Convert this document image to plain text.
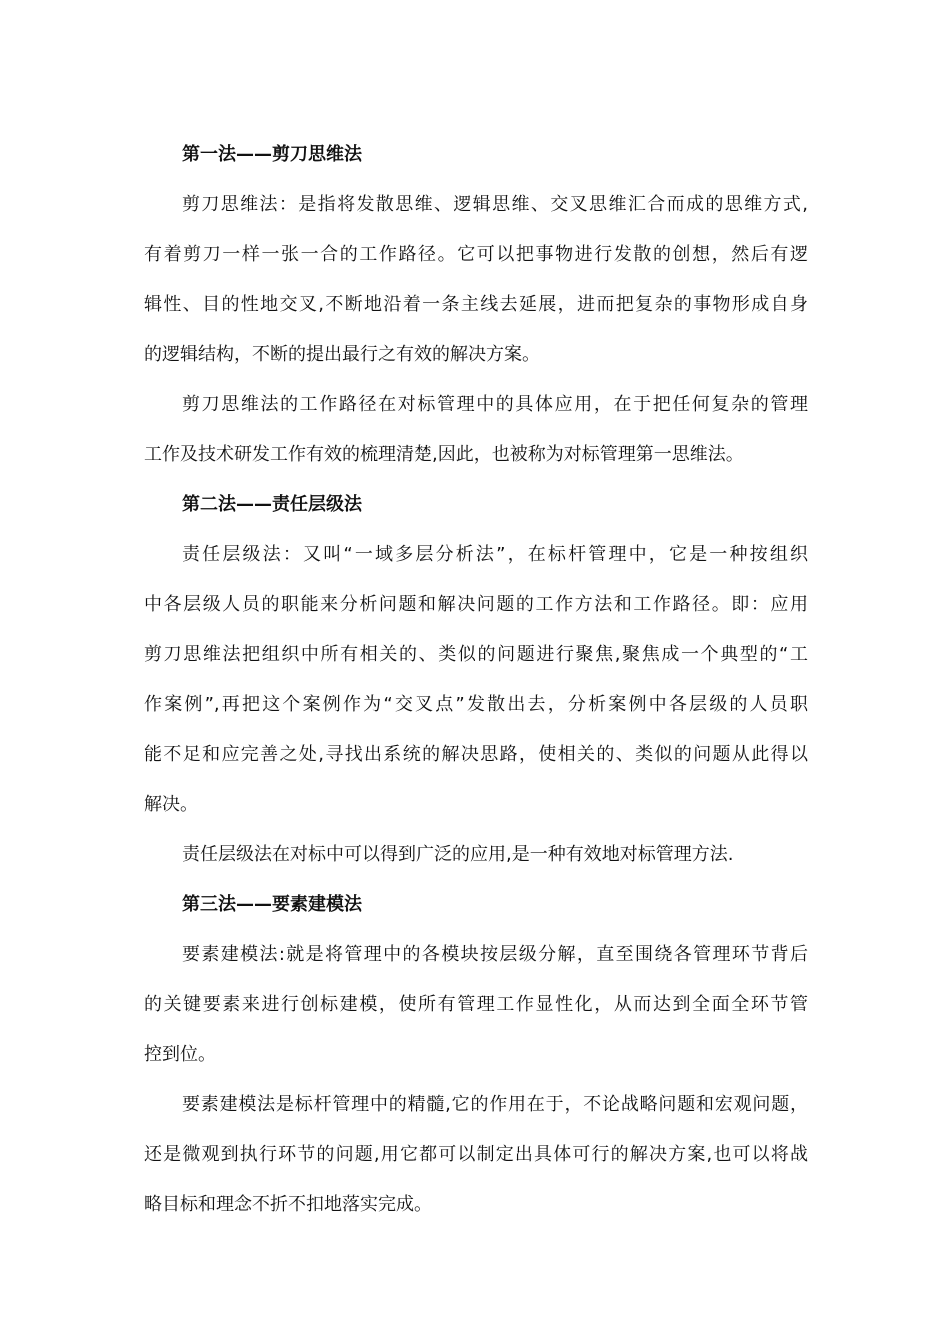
第一法——剪刀思维法
剪刀思维法：是指将发散思维、逻辑思维、交叉思维汇合而成的思维方式,
有着剪刀一样一张一合的工作路径。它可以把事物进行发散的创想，然后有逻
辑性、目的性地交叉,不断地沿着一条主线去延展，进而把复杂的事物形成自身
的逻辑结构，不断的提出最行之有效的解决方案。
剪刀思维法的工作路径在对标管理中的具体应用，在于把任何复杂的管理
工作及技术研发工作有效的梳理清楚,因此，也被称为对标管理第一思维法。
第二法——责任层级法
责任层级法：又叫“一域多层分析法”，在标杆管理中，它是一种按组织
中各层级人员的职能来分析问题和解决问题的工作方法和工作路径。即：应用
剪刀思维法把组织中所有相关的、类似的问题进行聚焦,聚焦成一个典型的“工
作案例”,再把这个案例作为“交叉点”发散出去，分析案例中各层级的人员职
能不足和应完善之处,寻找出系统的解决思路，使相关的、类似的问题从此得以
解决。
责任层级法在对标中可以得到广泛的应用,是一种有效地对标管理方法.
第三法——要素建模法
要素建模法:就是将管理中的各模块按层级分解，直至围绕各管理环节背后
的关键要素来进行创标建模，使所有管理工作显性化，从而达到全面全环节管
控到位。
要素建模法是标杆管理中的精髓,它的作用在于，不论战略问题和宏观问题，
还是微观到执行环节的问题,用它都可以制定出具体可行的解决方案,也可以将战
略目标和理念不折不扣地落实完成。
